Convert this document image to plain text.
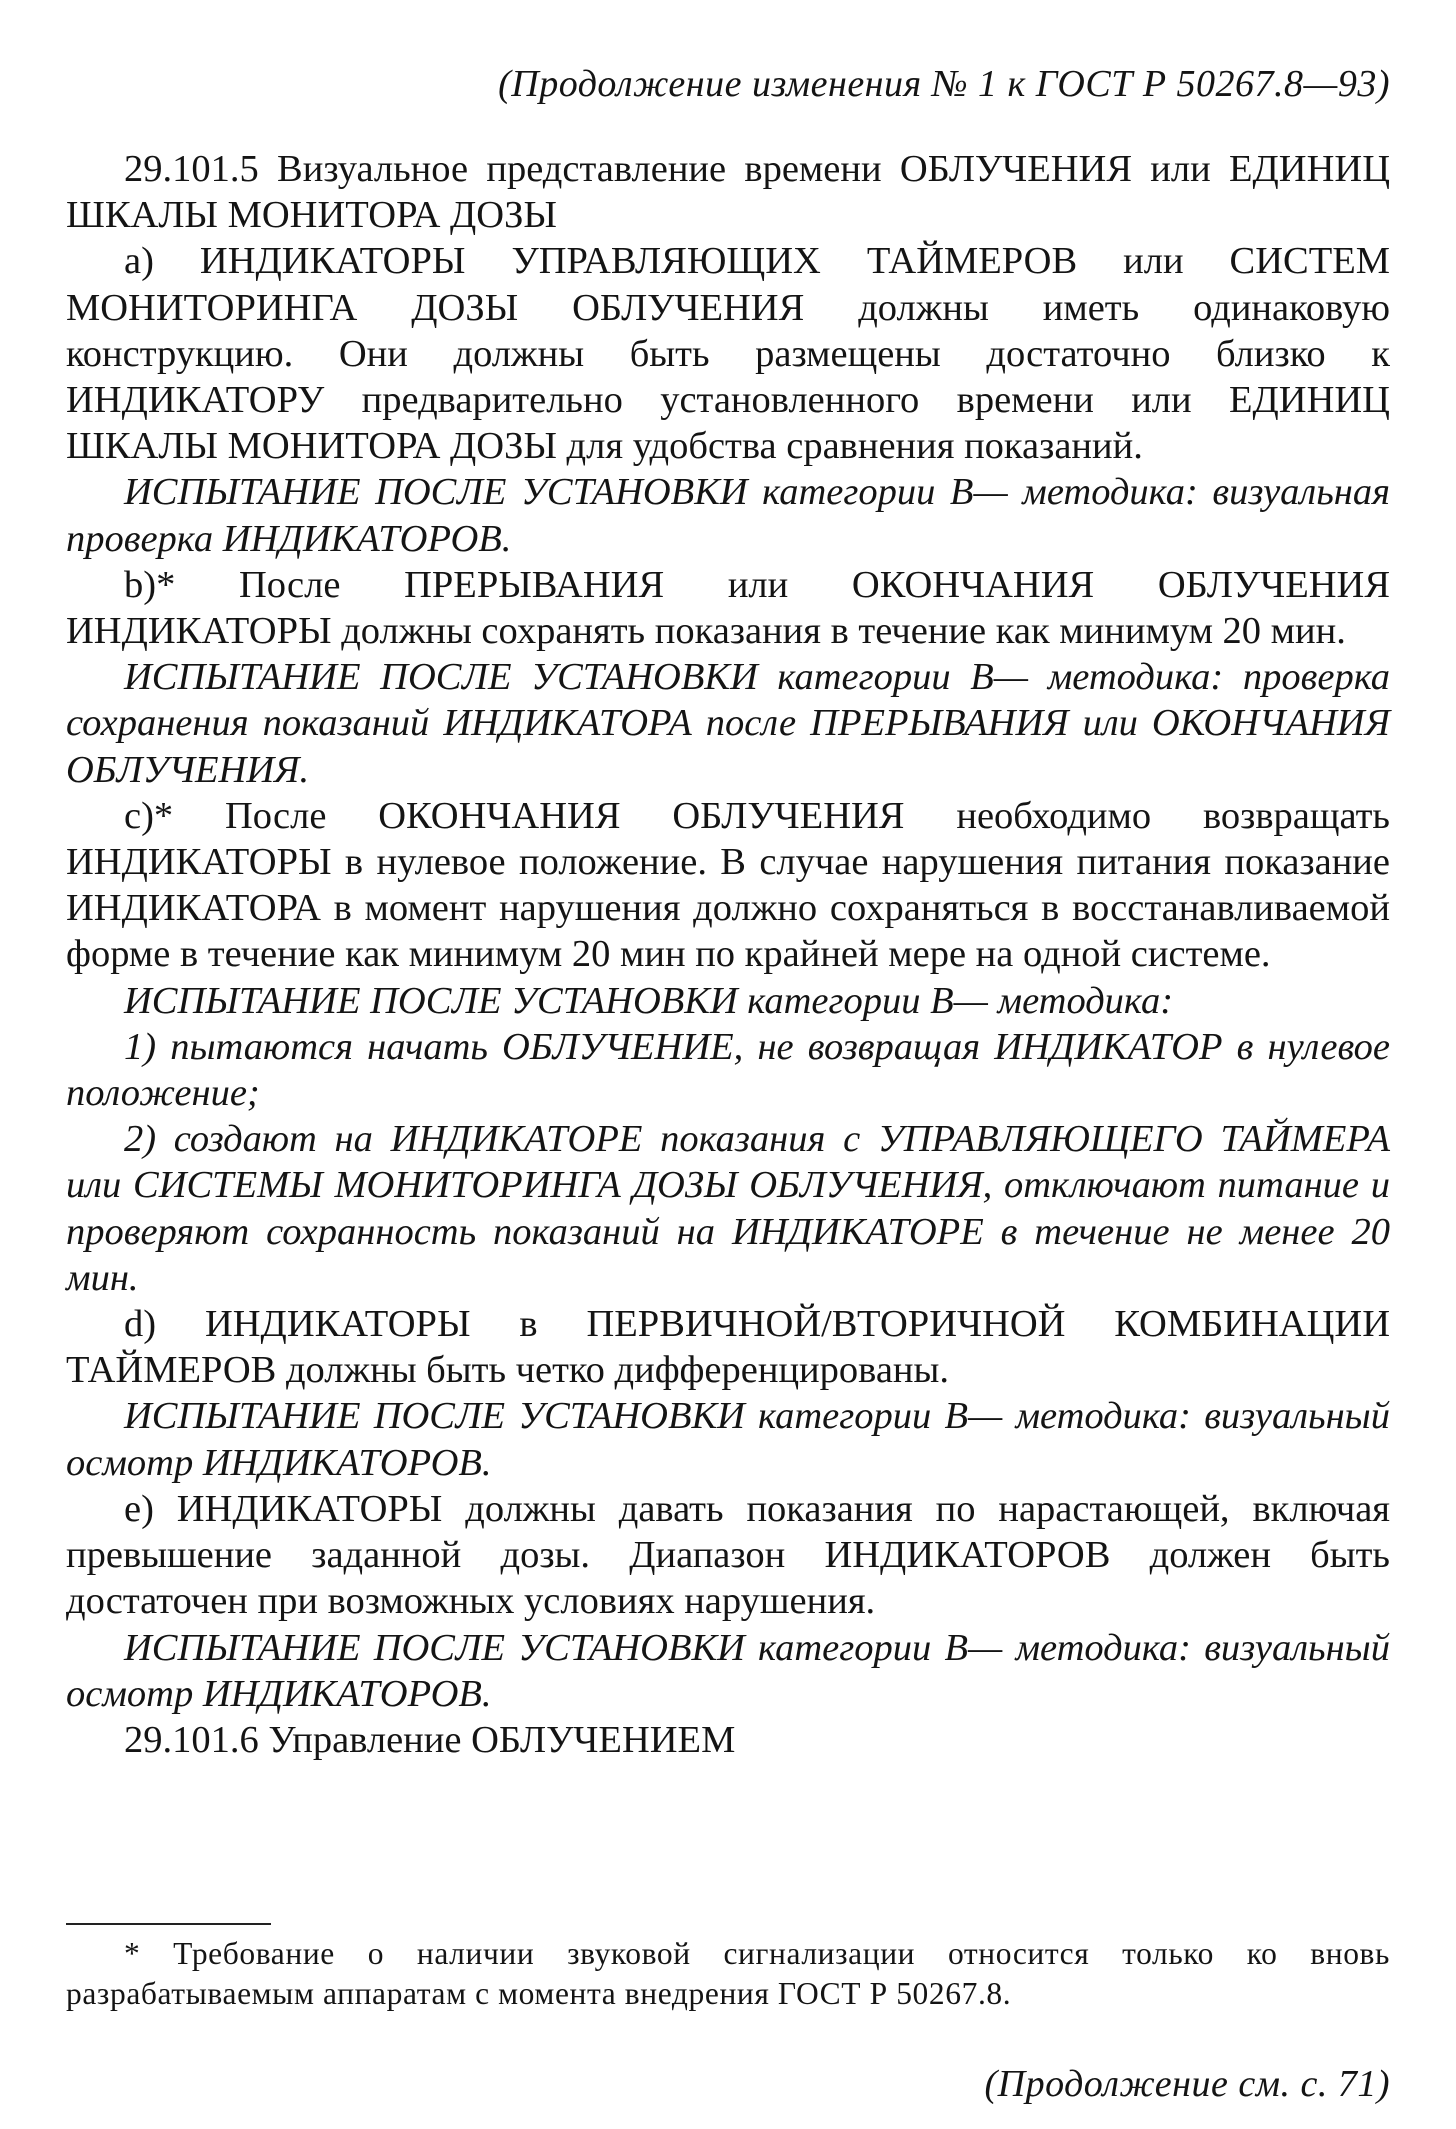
(Продолжение изменения № 1 к ГОСТ Р 50267.8—93)

29.101.5 Визуальное представление времени ОБЛУЧЕНИЯ или ЕДИНИЦ ШКАЛЫ МОНИТОРА ДОЗЫ

a) ИНДИКАТОРЫ УПРАВЛЯЮЩИХ ТАЙМЕРОВ или СИСТЕМ МОНИТОРИНГА ДОЗЫ ОБЛУЧЕНИЯ должны иметь одинаковую конструкцию. Они должны быть размещены достаточно близко к ИНДИКАТОРУ предварительно установленного времени или ЕДИНИЦ ШКАЛЫ МОНИТОРА ДОЗЫ для удобства сравнения показаний.

ИСПЫТАНИЕ ПОСЛЕ УСТАНОВКИ категории В— методика: визуальная проверка ИНДИКАТОРОВ.

b)* После ПРЕРЫВАНИЯ или ОКОНЧАНИЯ ОБЛУЧЕНИЯ ИНДИКАТОРЫ должны сохранять показания в течение как минимум 20 мин.

ИСПЫТАНИЕ ПОСЛЕ УСТАНОВКИ категории В— методика: проверка сохранения показаний ИНДИКАТОРА после ПРЕРЫВАНИЯ или ОКОНЧАНИЯ ОБЛУЧЕНИЯ.

c)* После ОКОНЧАНИЯ ОБЛУЧЕНИЯ необходимо возвращать ИНДИКАТОРЫ в нулевое положение. В случае нарушения питания показание ИНДИКАТОРА в момент нарушения должно сохраняться в восстанавливаемой форме в течение как минимум 20 мин по крайней мере на одной системе.

ИСПЫТАНИЕ ПОСЛЕ УСТАНОВКИ категории В— методика:

1) пытаются начать ОБЛУЧЕНИЕ, не возвращая ИНДИКАТОР в нулевое положение;

2) создают на ИНДИКАТОРЕ показания с УПРАВЛЯЮЩЕГО ТАЙМЕРА или СИСТЕМЫ МОНИТОРИНГА ДОЗЫ ОБЛУЧЕНИЯ, отключают питание и проверяют сохранность показаний на ИНДИКАТОРЕ в течение не менее 20 мин.

d) ИНДИКАТОРЫ в ПЕРВИЧНОЙ/ВТОРИЧНОЙ КОМБИНАЦИИ ТАЙМЕРОВ должны быть четко дифференцированы.

ИСПЫТАНИЕ ПОСЛЕ УСТАНОВКИ категории В— методика: визуальный осмотр ИНДИКАТОРОВ.

e) ИНДИКАТОРЫ должны давать показания по нарастающей, включая превышение заданной дозы. Диапазон ИНДИКАТОРОВ должен быть достаточен при возможных условиях нарушения.

ИСПЫТАНИЕ ПОСЛЕ УСТАНОВКИ категории В— методика: визуальный осмотр ИНДИКАТОРОВ.

29.101.6 Управление ОБЛУЧЕНИЕМ

* Требование о наличии звуковой сигнализации относится только ко вновь разрабатываемым аппаратам с момента внедрения ГОСТ Р 50267.8.

(Продолжение см. с. 71)
